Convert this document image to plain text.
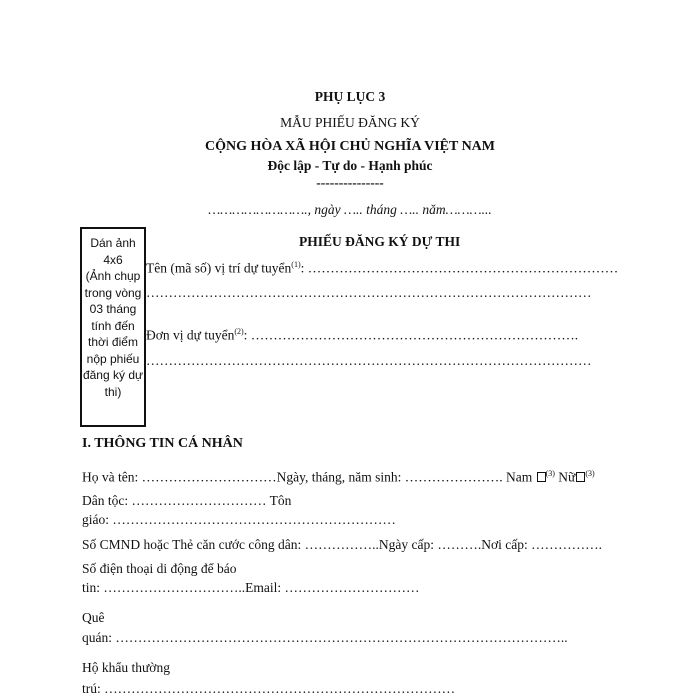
PHỤ LỤC 3
MẪU PHIẾU ĐĂNG KÝ
CỘNG HÒA XÃ HỘI CHỦ NGHĨA VIỆT NAM
Độc lập - Tự do - Hạnh phúc
---------------
……………………., ngày ….. tháng ….. năm………...
Dán ảnh
4x6
(Ảnh chụp
trong vòng
03 tháng
tính đến
thời điểm
nộp phiếu
đăng ký dự
thi)
PHIẾU ĐĂNG KÝ DỰ THI
Tên (mã số) vị trí dự tuyển$^{(1)}$: ……………………………………………………………
………………………………………………………………………………………
Đơn vị dự tuyển$^{(2)}$: ……………………………………………………………….
………………………………………………………………………………………
I. THÔNG TIN CÁ NHÂN
Họ và tên: …………………………Ngày, tháng, năm sinh: …………………. Nam $^{(3)}$ Nữ $^{(3)}$
Dân tộc: ………………………… Tôn
giáo: ………………………………………………………
Số CMND hoặc Thẻ căn cước công dân: ……………..Ngày cấp: ……….Nơi cấp: …………….
Số điện thoại di động để báo
tin: …………………………..Email: …………………………
Quê
quán: ………………………………………………………………………………………..
Hộ khẩu thường
trú: ……………………………………………………………………
